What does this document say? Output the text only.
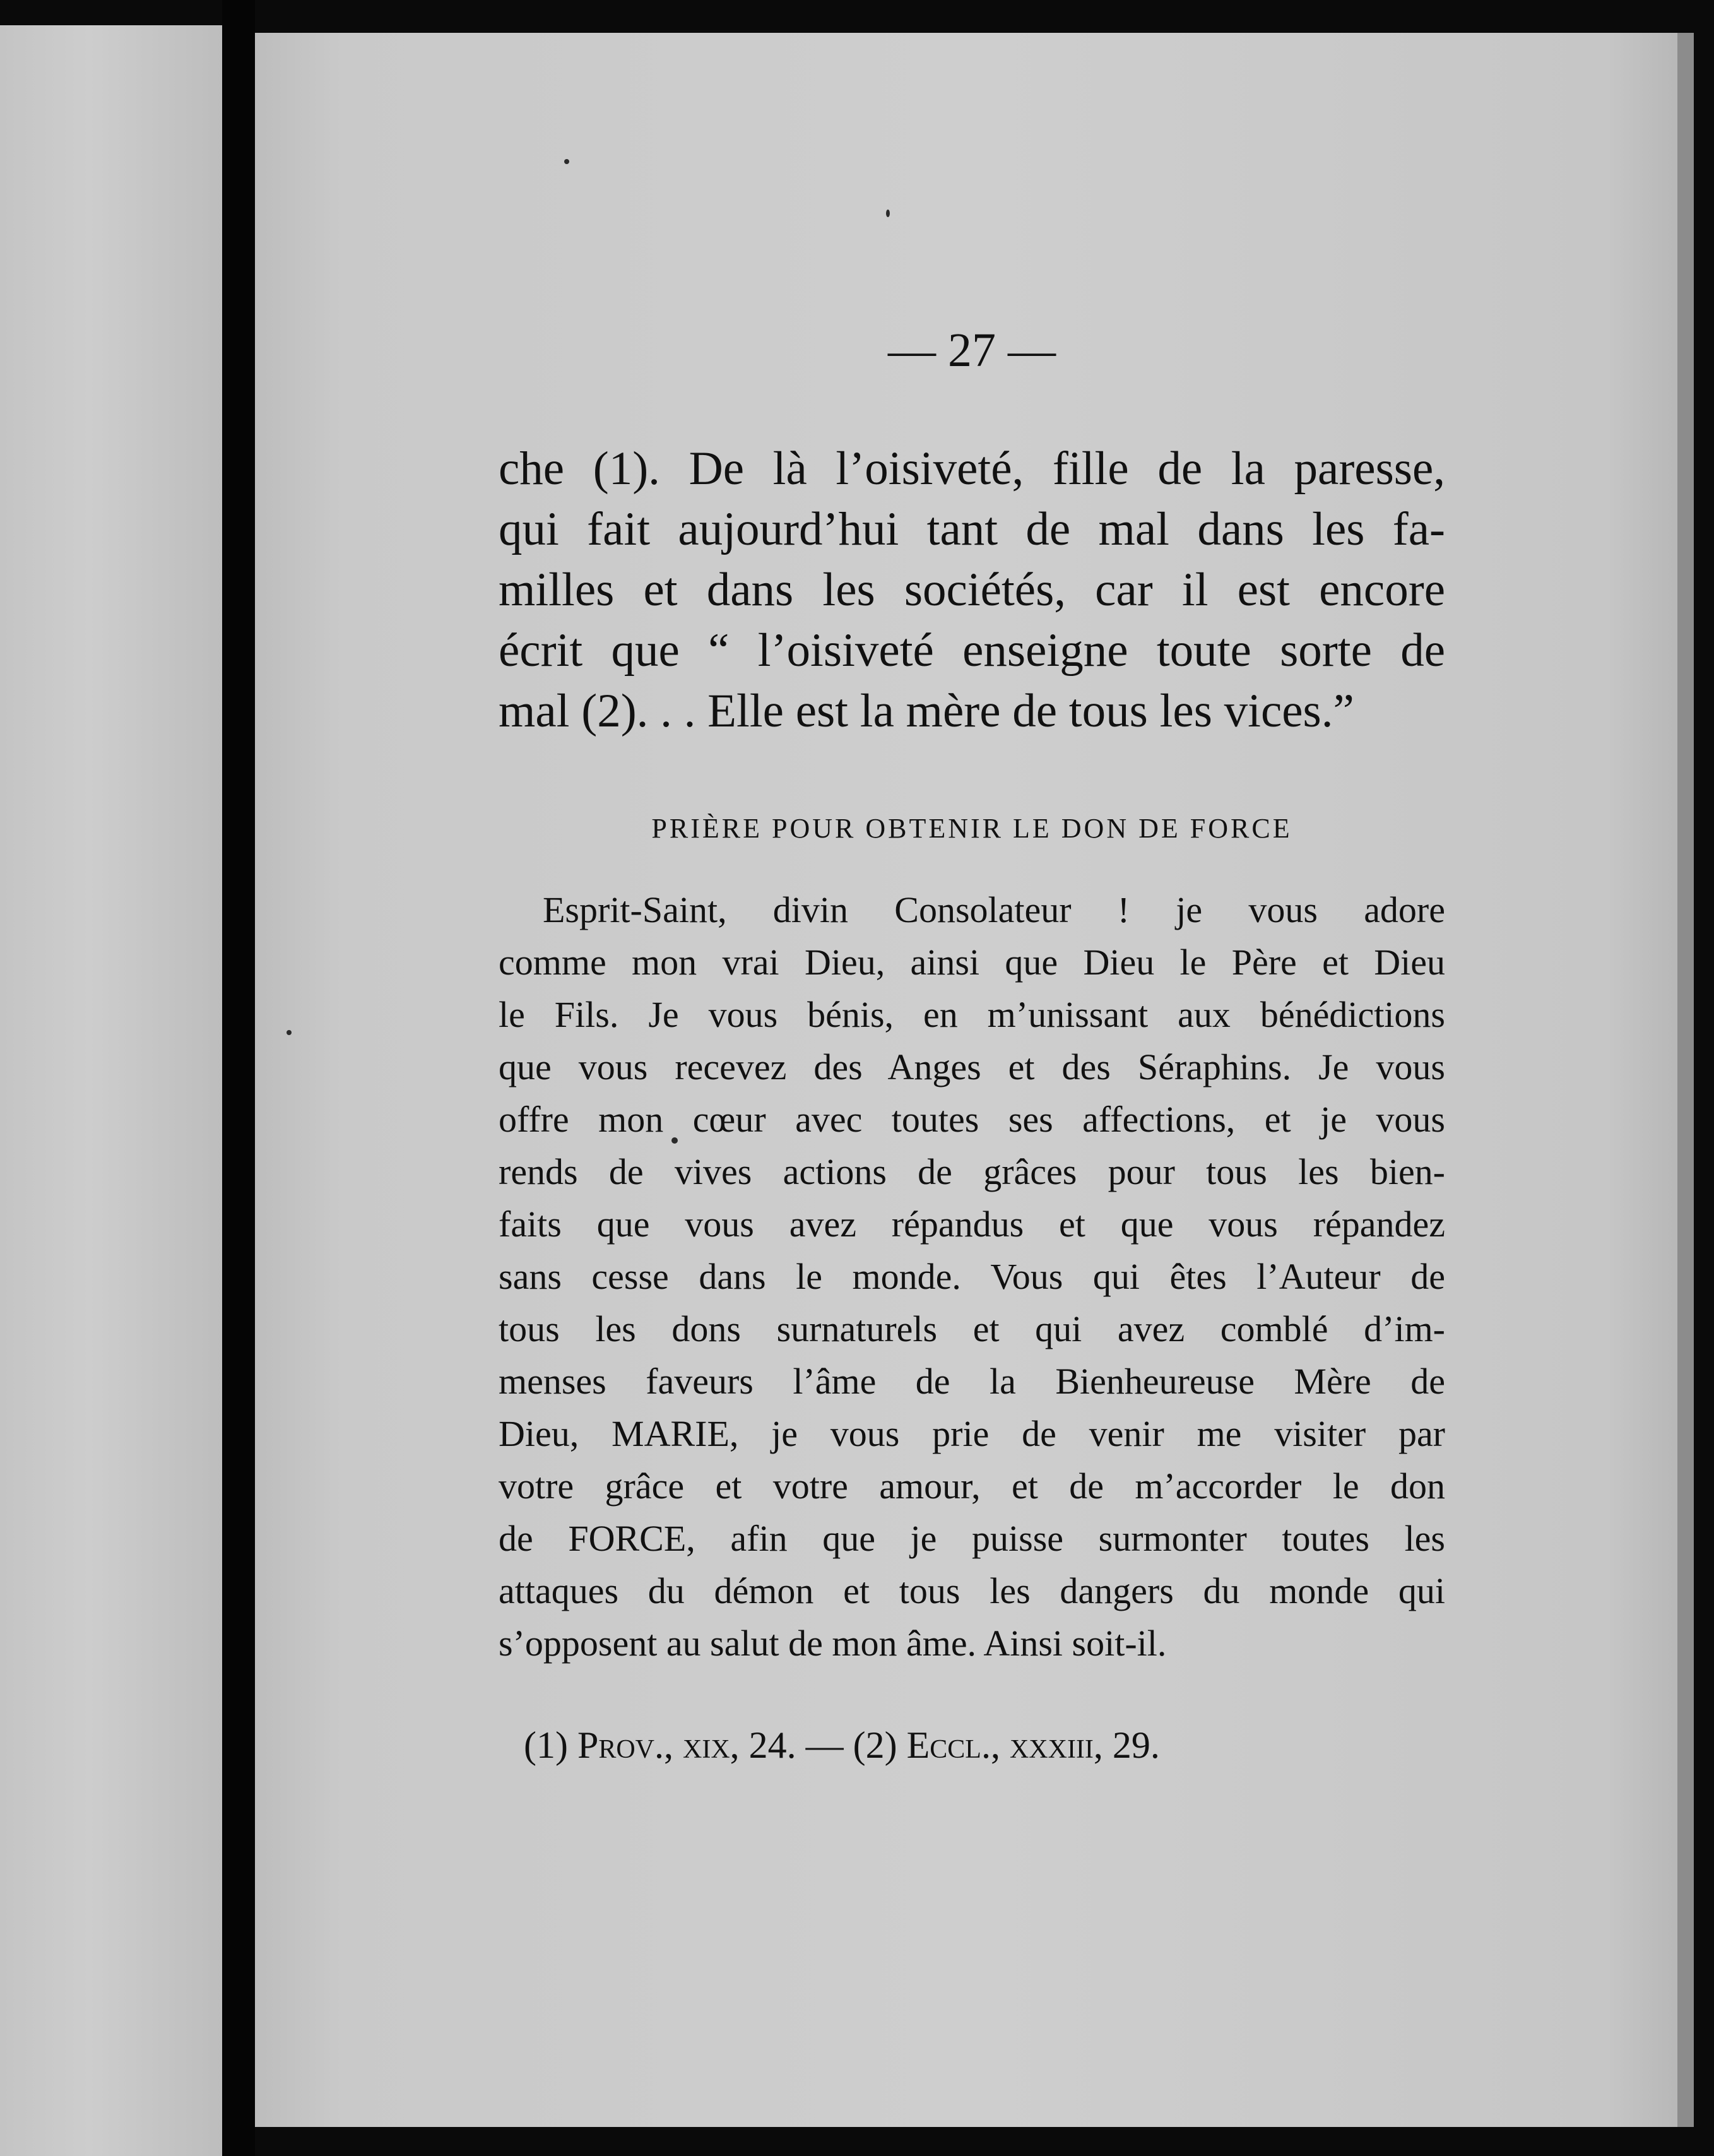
— 27 —
che (1). De là l’oisiveté, fille de la paresse,
qui fait aujourd’hui tant de mal dans les fa-
milles et dans les sociétés, car il est encore
écrit que “ l’oisiveté enseigne toute sorte de
mal (2). . . Elle est la mère de tous les vices.”
PRIÈRE POUR OBTENIR LE DON DE FORCE
Esprit-Saint, divin Consolateur ! je vous adore
comme mon vrai Dieu, ainsi que Dieu le Père et Dieu
le Fils. Je vous bénis, en m’unissant aux bénédictions
que vous recevez des Anges et des Séraphins. Je vous
offre mon cœur avec toutes ses affections, et je vous
rends de vives actions de grâces pour tous les bien-
faits que vous avez répandus et que vous répandez
sans cesse dans le monde. Vous qui êtes l’Auteur de
tous les dons surnaturels et qui avez comblé d’im-
menses faveurs l’âme de la Bienheureuse Mère de
Dieu, MARIE, je vous prie de venir me visiter par
votre grâce et votre amour, et de m’accorder le don
de FORCE, afin que je puisse surmonter toutes les
attaques du démon et tous les dangers du monde qui
s’opposent au salut de mon âme. Ainsi soit-il.
(1) Prov., xix, 24. — (2) Eccl., xxxiii, 29.
